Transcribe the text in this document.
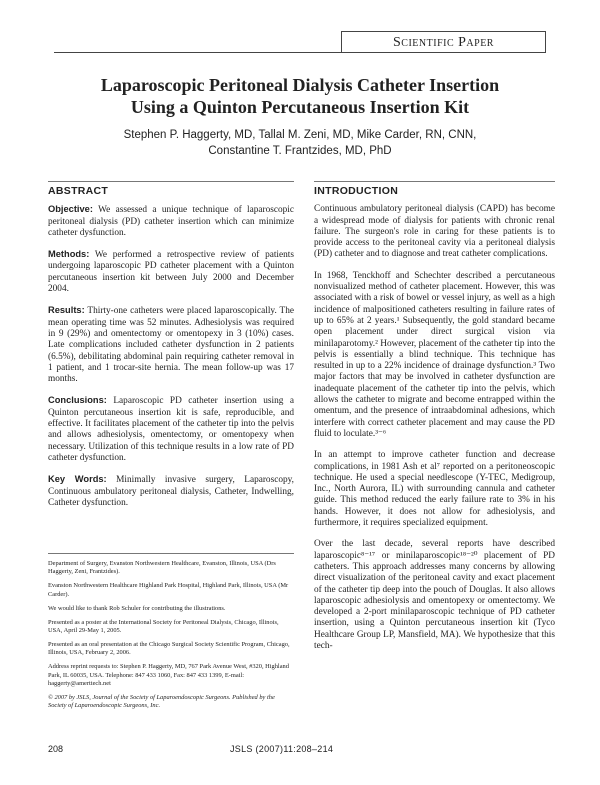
Scientific Paper
Laparoscopic Peritoneal Dialysis Catheter Insertion
Using a Quinton Percutaneous Insertion Kit
Stephen P. Haggerty, MD, Tallal M. Zeni, MD, Mike Carder, RN, CNN,
Constantine T. Frantzides, MD, PhD
ABSTRACT

Objective: We assessed a unique technique of laparoscopic peritoneal dialysis (PD) catheter insertion which can minimize catheter dysfunction.

Methods: We performed a retrospective review of patients undergoing laparoscopic PD catheter placement with a Quinton percutaneous insertion kit between July 2000 and December 2004.

Results: Thirty-one catheters were placed laparoscopically. The mean operating time was 52 minutes. Adhesiolysis was required in 9 (29%) and omentectomy or omentopexy in 3 (10%) cases. Late complications included catheter dysfunction in 2 patients (6.5%), debilitating abdominal pain requiring catheter removal in 1 patient, and 1 trocar-site hernia. The mean follow-up was 17 months.

Conclusions: Laparoscopic PD catheter insertion using a Quinton percutaneous insertion kit is safe, reproducible, and effective. It facilitates placement of the catheter tip into the pelvis and allows adhesiolysis, omentectomy, or omentopexy when necessary. Utilization of this technique results in a low rate of PD catheter dysfunction.

Key Words: Minimally invasive surgery, Laparoscopy, Continuous ambulatory peritoneal dialysis, Catheter, Indwelling, Catheter dysfunction.

Department of Surgery, Evanston Northwestern Healthcare, Evanston, Illinois, USA (Drs Haggerty, Zeni, Frantzides).

Evanston Northwestern Healthcare Highland Park Hospital, Highland Park, Illinois, USA (Mr Carder).

We would like to thank Rob Schuler for contributing the illustrations.

Presented as a poster at the International Society for Peritoneal Dialysis, Chicago, Illinois, USA, April 29-May 1, 2005.

Presented as an oral presentation at the Chicago Surgical Society Scientific Program, Chicago, Illinois, USA, February 2, 2006.

Address reprint requests to: Stephen P. Haggerty, MD, 767 Park Avenue West, #320, Highland Park, IL 60035, USA. Telephone: 847 433 1060, Fax: 847 433 1399, E-mail: haggerty@amerttech.net

© 2007 by JSLS, Journal of the Society of Laparoendoscopic Surgeons. Published by the Society of Laparoendoscopic Surgeons, Inc.

INTRODUCTION

Continuous ambulatory peritoneal dialysis (CAPD) has become a widespread mode of dialysis for patients with chronic renal failure. The surgeon's role in caring for these patients is to provide access to the peritoneal cavity via a peritoneal dialysis (PD) catheter and to diagnose and treat catheter complications.

In 1968, Tenckhoff and Schechter described a percutaneous nonvisualized method of catheter placement. However, this was associated with a risk of bowel or vessel injury, as well as a high incidence of malpositioned catheters resulting in failure rates of up to 65% at 2 years.¹ Subsequently, the gold standard became open placement under direct surgical vision via minilaparotomy.² However, placement of the catheter tip into the pelvis is essentially a blind technique. This technique has resulted in up to a 22% incidence of drainage dysfunction.³ Two major factors that may be involved in catheter dysfunction are inadequate placement of the catheter tip into the pelvis, which allows the catheter to migrate and become entrapped within the omentum, and the presence of intraabdominal adhesions, which interfere with correct catheter placement and may cause the PD fluid to loculate.³⁻⁶

In an attempt to improve catheter function and decrease complications, in 1981 Ash et al⁷ reported on a peritoneoscopic technique. He used a special needlescope (Y-TEC, Medigroup, Inc., North Aurora, IL) with surrounding cannula and catheter guide. This method reduced the early failure rate to 3% in his hands. However, it does not allow for adhesiolysis, and furthermore, it requires specialized equipment.

Over the last decade, several reports have described laparoscopic⁸⁻¹⁷ or minilaparoscopic¹⁸⁻²⁰ placement of PD catheters. This approach addresses many concerns by allowing direct visualization of the peritoneal cavity and exact placement of the catheter tip deep into the pouch of Douglas. It also allows laparoscopic adhesiolysis and omentopexy or omentectomy. We developed a 2-port minilaparoscopic technique of PD catheter insertion, using a Quinton percutaneous insertion kit (Tyco Healthcare Group LP, Mansfield, MA). We hypothesize that this tech-

208	JSLS (2007)11:208–214
